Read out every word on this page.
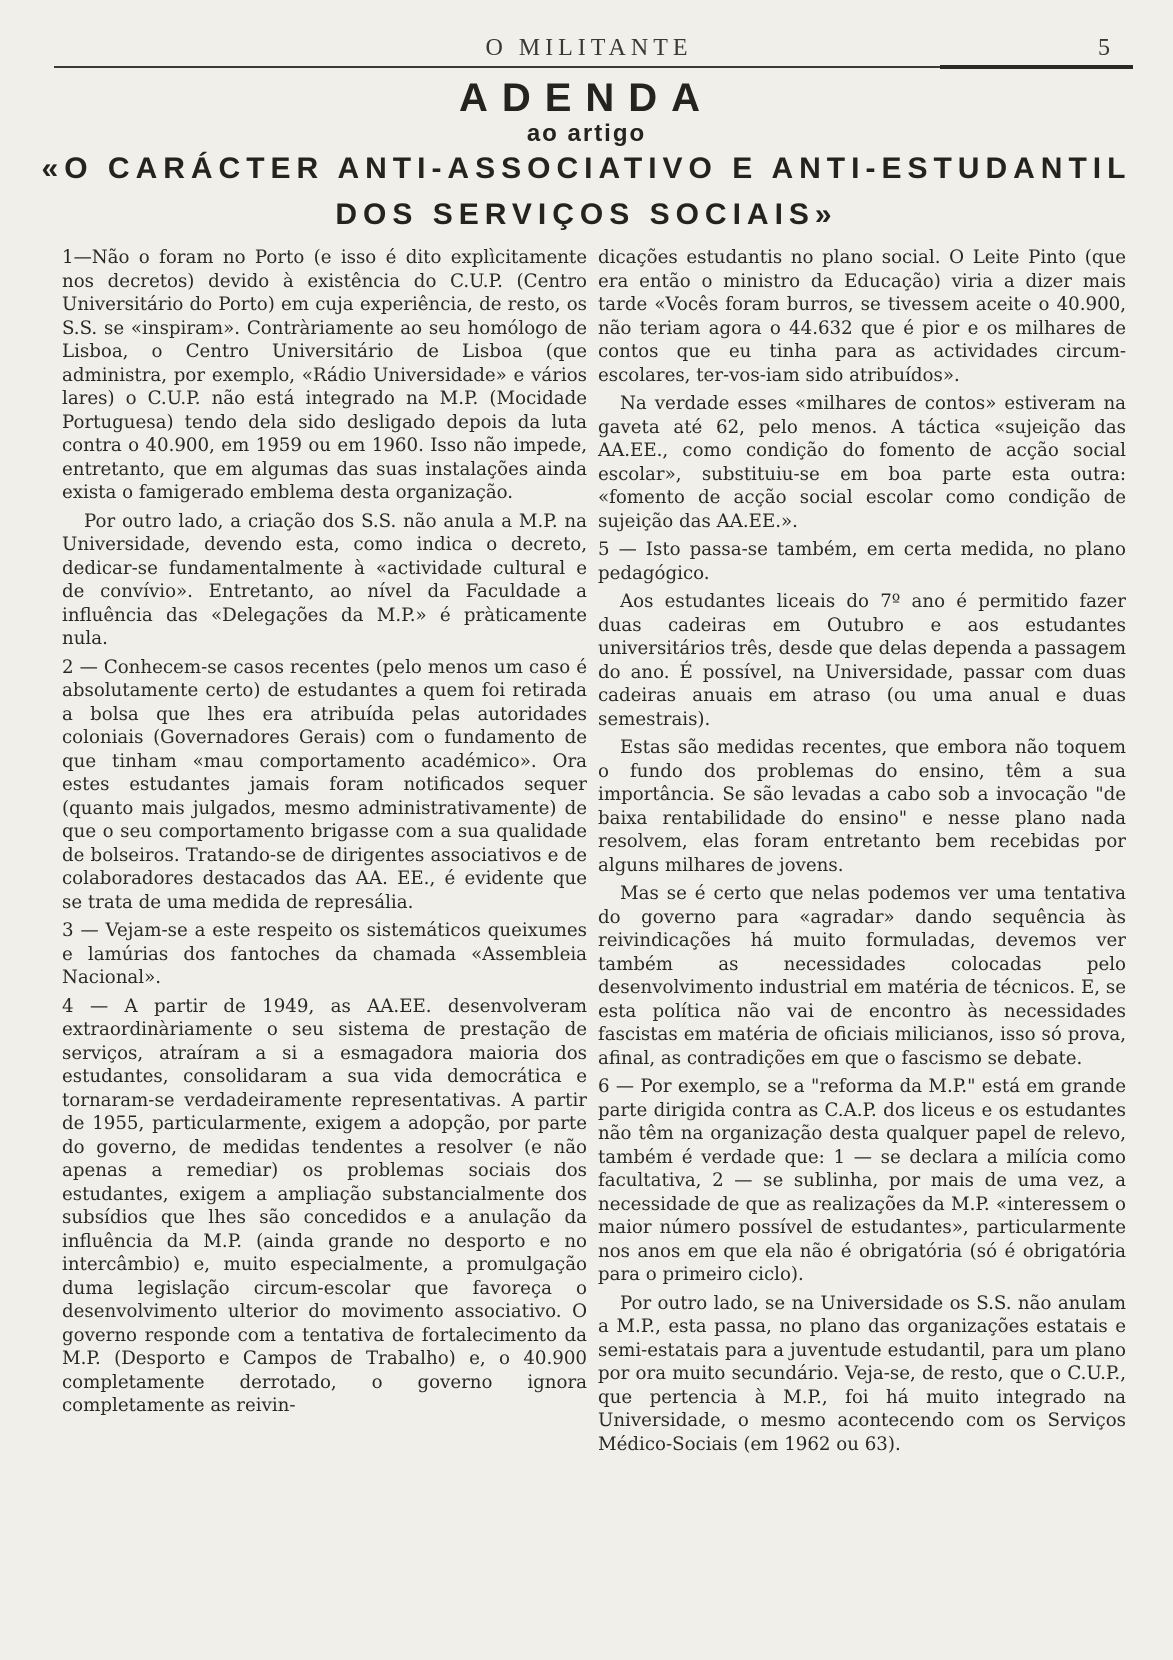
O MILITANTE	5
ADENDA
ao artigo
«O CARÁCTER ANTI-ASSOCIATIVO E ANTI-ESTUDANTIL
DOS SERVIÇOS SOCIAIS»

1—Não o foram no Porto (e isso é dito explìcitamente nos decretos) devido à existência do C.U.P. (Centro Universitário do Porto) em cuja experiência, de resto, os S.S. se «inspiram». Contràriamente ao seu homólogo de Lisboa, o Centro Universitário de Lisboa (que administra, por exemplo, «Rádio Universidade» e vários lares) o C.U.P. não está integrado na M.P. (Mocidade Portuguesa) tendo dela sido desligado depois da luta contra o 40.900, em 1959 ou em 1960. Isso não impede, entretanto, que em algumas das suas instalações ainda exista o famigerado emblema desta organização.

Por outro lado, a criação dos S.S. não anula a M.P. na Universidade, devendo esta, como indica o decreto, dedicar-se fundamentalmente à «actividade cultural e de convívio». Entretanto, ao nível da Faculdade a influência das «Delegações da M.P.» é pràticamente nula.

2 — Conhecem-se casos recentes (pelo menos um caso é absolutamente certo) de estudantes a quem foi retirada a bolsa que lhes era atribuída pelas autoridades coloniais (Governadores Gerais) com o fundamento de que tinham «mau comportamento académico». Ora estes estudantes jamais foram notificados sequer (quanto mais julgados, mesmo administrativamente) de que o seu comportamento brigasse com a sua qualidade de bolseiros. Tratando-se de dirigentes associativos e de colaboradores destacados das AA. EE., é evidente que se trata de uma medida de represália.

3 — Vejam-se a este respeito os sistemáticos queixumes e lamúrias dos fantoches da chamada «Assembleia Nacional».

4 — A partir de 1949, as AA.EE. desenvolveram extraordinàriamente o seu sistema de prestação de serviços, atraíram a si a esmagadora maioria dos estudantes, consolidaram a sua vida democrática e tornaram-se verdadeiramente representativas. A partir de 1955, particularmente, exigem a adopção, por parte do governo, de medidas tendentes a resolver (e não apenas a remediar) os problemas sociais dos estudantes, exigem a ampliação substancialmente dos subsídios que lhes são concedidos e a anulação da influência da M.P. (ainda grande no desporto e no intercâmbio) e, muito especialmente, a promulgação duma legislação circum-escolar que favoreça o desenvolvimento ulterior do movimento associativo. O governo responde com a tentativa de fortalecimento da M.P. (Desporto e Campos de Trabalho) e, o 40.900 completamente derrotado, o governo ignora completamente as reivin-

dicações estudantis no plano social. O Leite Pinto (que era então o ministro da Educação) viria a dizer mais tarde «Vocês foram burros, se tivessem aceite o 40.900, não teriam agora o 44.632 que é pior e os milhares de contos que eu tinha para as actividades circum-escolares, ter-vos-iam sido atribuídos».

Na verdade esses «milhares de contos» estiveram na gaveta até 62, pelo menos. A táctica «sujeição das AA.EE., como condição do fomento de acção social escolar», substituiu-se em boa parte esta outra: «fomento de acção social escolar como condição de sujeição das AA.EE.».

5 — Isto passa-se também, em certa medida, no plano pedagógico.

Aos estudantes liceais do 7º ano é permitido fazer duas cadeiras em Outubro e aos estudantes universitários três, desde que delas dependa a passagem do ano. É possível, na Universidade, passar com duas cadeiras anuais em atraso (ou uma anual e duas semestrais).

Estas são medidas recentes, que embora não toquem o fundo dos problemas do ensino, têm a sua importância. Se são levadas a cabo sob a invocação "de baixa rentabilidade do ensino" e nesse plano nada resolvem, elas foram entretanto bem recebidas por alguns milhares de jovens.

Mas se é certo que nelas podemos ver uma tentativa do governo para «agradar» dando sequência às reivindicações há muito formuladas, devemos ver também as necessidades colocadas pelo desenvolvimento industrial em matéria de técnicos. E, se esta política não vai de encontro às necessidades fascistas em matéria de oficiais milicianos, isso só prova, afinal, as contradições em que o fascismo se debate.

6 — Por exemplo, se a "reforma da M.P." está em grande parte dirigida contra as C.A.P. dos liceus e os estudantes não têm na organização desta qualquer papel de relevo, também é verdade que: 1 — se declara a milícia como facultativa, 2 — se sublinha, por mais de uma vez, a necessidade de que as realizações da M.P. «interessem o maior número possível de estudantes», particularmente nos anos em que ela não é obrigatória (só é obrigatória para o primeiro ciclo).

Por outro lado, se na Universidade os S.S. não anulam a M.P., esta passa, no plano das organizações estatais e semi-estatais para a juventude estudantil, para um plano por ora muito secundário. Veja-se, de resto, que o C.U.P., que pertencia à M.P., foi há muito integrado na Universidade, o mesmo acontecendo com os Serviços Médico-Sociais (em 1962 ou 63).
